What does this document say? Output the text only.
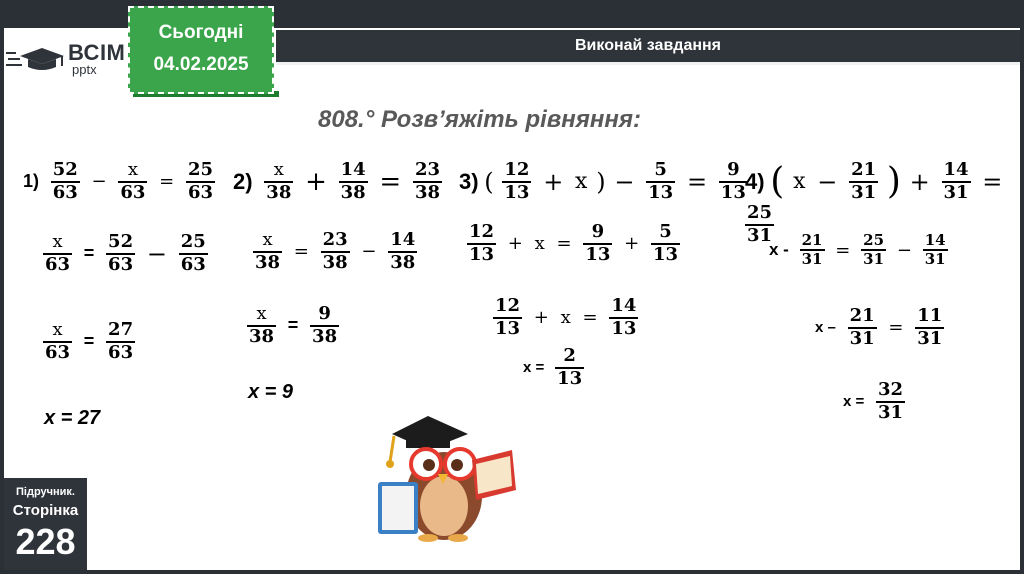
Виконай завдання
ВСІМ
pptx
Сьогодні
04.02.2025
808.° Розв’яжіть рівняння:
$1) \frac{52}{63} - \frac{x}{63} = \frac{25}{63}$
$\frac{x}{63} = \frac{52}{63} - \frac{25}{63}$
$\frac{x}{63} = \frac{27}{63}$
x = 27
$2) \frac{x}{38} + \frac{14}{38} = \frac{23}{38}$
$\frac{x}{38} = \frac{23}{38} - \frac{14}{38}$
$\frac{x}{38} = \frac{9}{38}$
x = 9
3) ( $\frac{12}{13} + x$ ) − $\frac{5}{13} = \frac{9}{13}$
$\frac{12}{13} + x = \frac{9}{13} + \frac{5}{13}$
$\frac{12}{13} + x = \frac{14}{13}$
$x = \frac{2}{13}$
4) ( $x - \frac{21}{31}$ ) + $\frac{14}{31}$ =
$\frac{25}{31}$
$x - \frac{21}{31} = \frac{25}{31} - \frac{14}{31}$
$x - \frac{21}{31} = \frac{11}{31}$
$x = \frac{32}{31}$
Підручник.
Сторінка
228
